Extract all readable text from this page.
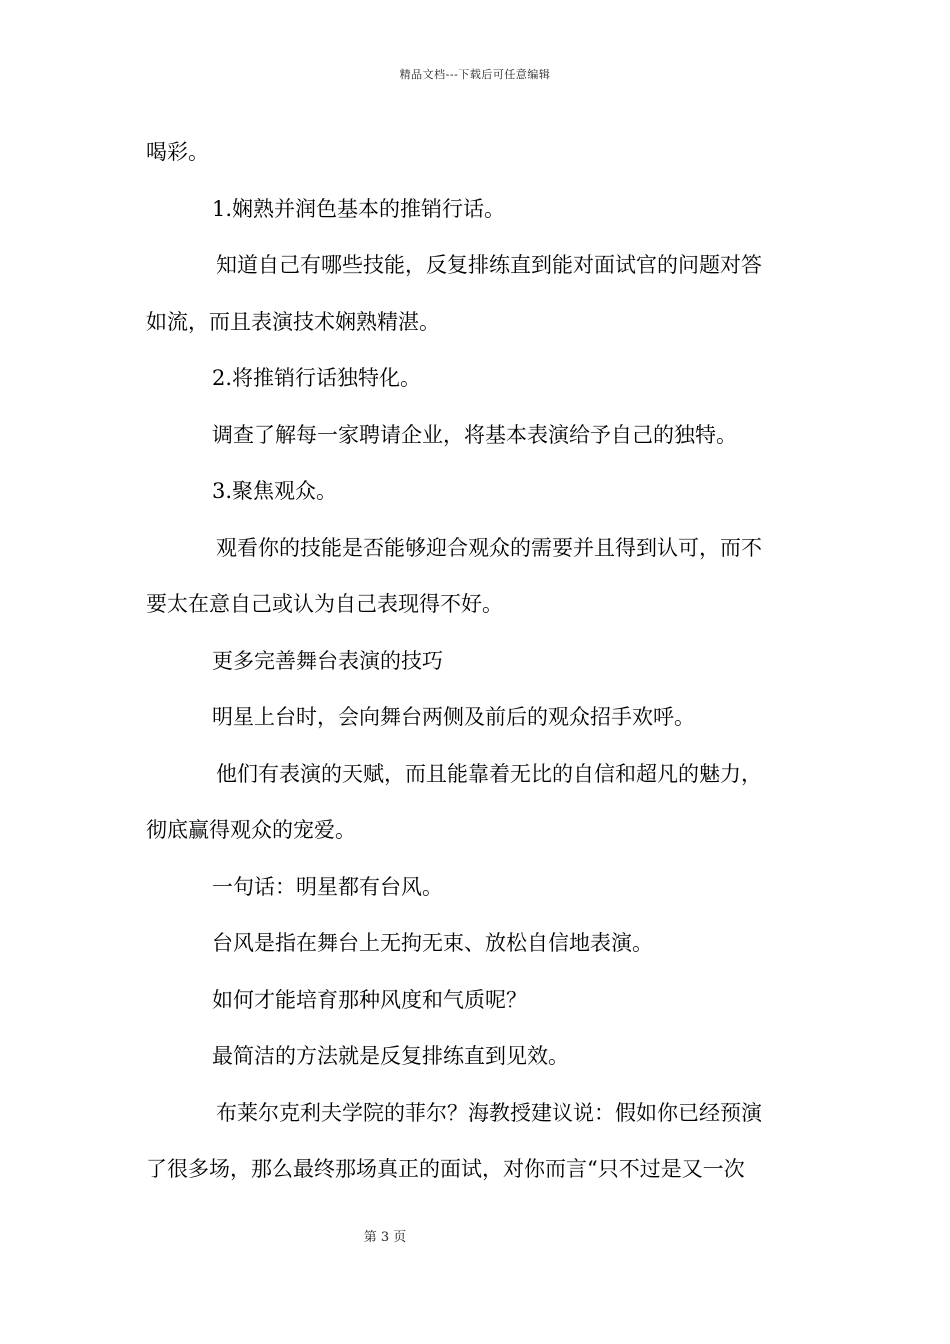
精品文档---下载后可任意编辑
喝彩。
1.娴熟并润色基本的推销行话。
知道自己有哪些技能，反复排练直到能对面试官的问题对答
如流，而且表演技术娴熟精湛。
2.将推销行话独特化。
调查了解每一家聘请企业，将基本表演给予自己的独特。
3.聚焦观众。
观看你的技能是否能够迎合观众的需要并且得到认可，而不
要太在意自己或认为自己表现得不好。
更多完善舞台表演的技巧
明星上台时，会向舞台两侧及前后的观众招手欢呼。
他们有表演的天赋，而且能靠着无比的自信和超凡的魅力，
彻底赢得观众的宠爱。
一句话：明星都有台风。
台风是指在舞台上无拘无束、放松自信地表演。
如何才能培育那种风度和气质呢？
最简洁的方法就是反复排练直到见效。
布莱尔克利夫学院的菲尔？海教授建议说：假如你已经预演
了很多场，那么最终那场真正的面试，对你而言“只不过是又一次
第 3 页
